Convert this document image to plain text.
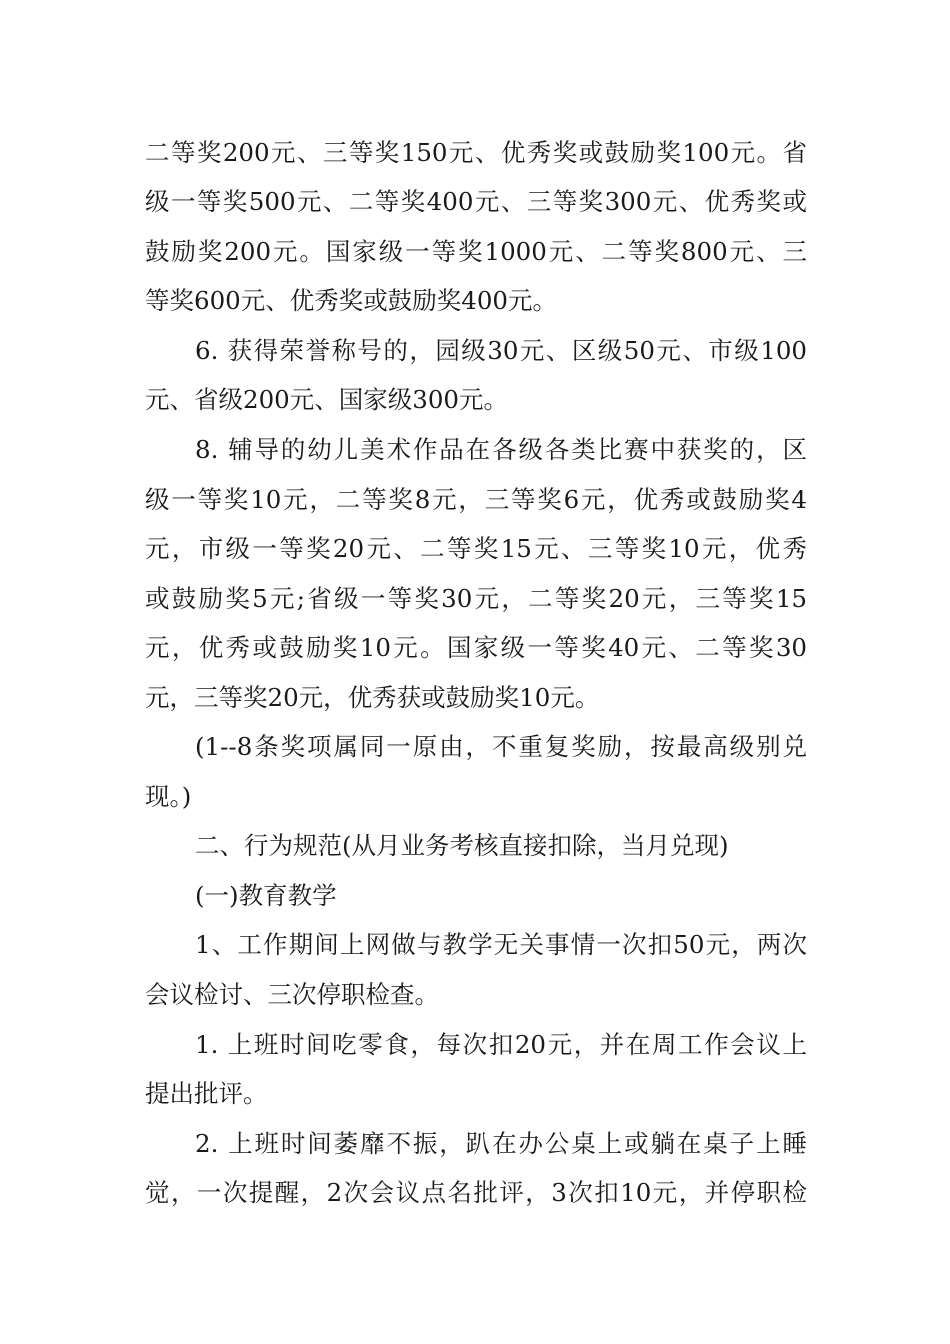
二等奖200元、三等奖150元、优秀奖或鼓励奖100元。省
级一等奖500元、二等奖400元、三等奖300元、优秀奖或
鼓励奖200元。国家级一等奖1000元、二等奖800元、三
等奖600元、优秀奖或鼓励奖400元。
6. 获得荣誉称号的，园级30元、区级50元、市级100
元、省级200元、国家级300元。
8. 辅导的幼儿美术作品在各级各类比赛中获奖的，区
级一等奖10元，二等奖8元，三等奖6元，优秀或鼓励奖4
元，市级一等奖20元、二等奖15元、三等奖10元，优秀
或鼓励奖5元;省级一等奖30元，二等奖20元，三等奖15
元，优秀或鼓励奖10元。国家级一等奖40元、二等奖30
元，三等奖20元，优秀获或鼓励奖10元。
(1--8条奖项属同一原由，不重复奖励，按最高级别兑
现。)
二、行为规范(从月业务考核直接扣除，当月兑现)
(一)教育教学
1、工作期间上网做与教学无关事情一次扣50元，两次
会议检讨、三次停职检查。
1. 上班时间吃零食，每次扣20元，并在周工作会议上
提出批评。
2. 上班时间萎靡不振，趴在办公桌上或躺在桌子上睡
觉，一次提醒，2次会议点名批评，3次扣10元，并停职检
